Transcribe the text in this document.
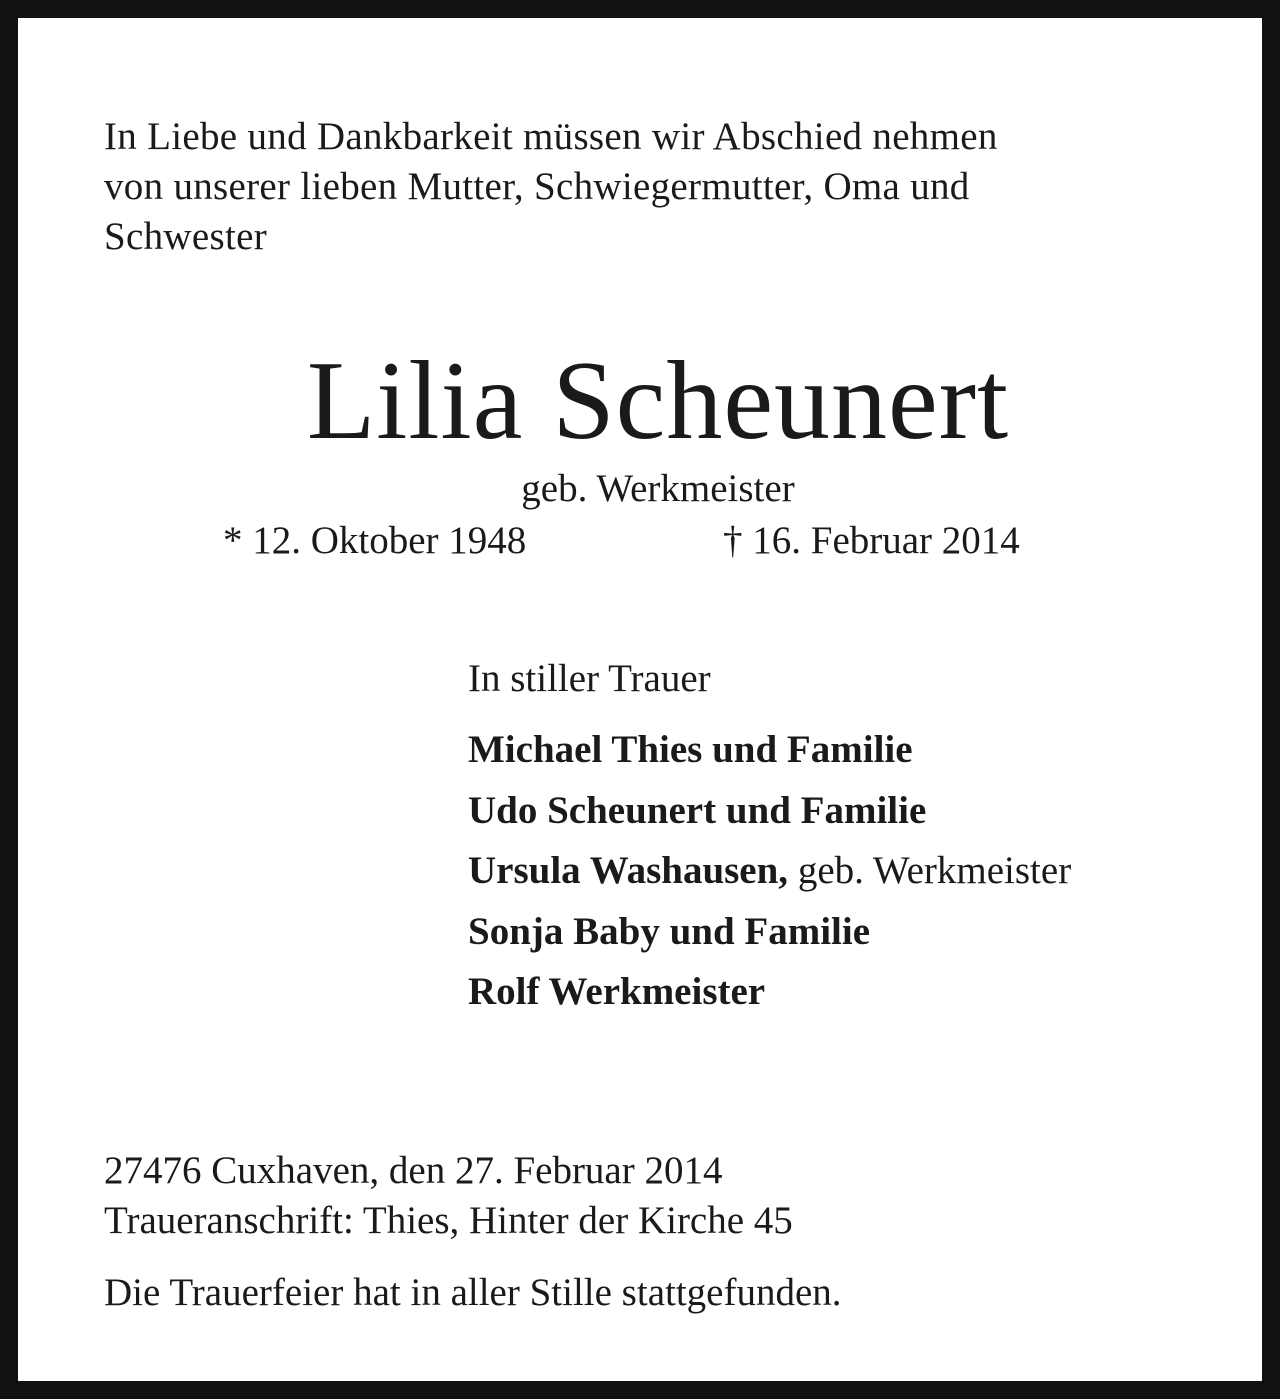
In Liebe und Dankbarkeit müssen wir Abschied nehmen
von unserer lieben Mutter, Schwiegermutter, Oma und
Schwester

Lilia Scheunert
geb. Werkmeister
* 12. Oktober 1948	† 16. Februar 2014
In stiller Trauer
Michael Thies und Familie
Udo Scheunert und Familie
Ursula Washausen, geb. Werkmeister
Sonja Baby und Familie
Rolf Werkmeister
27476 Cuxhaven, den 27. Februar 2014
Traueranschrift: Thies, Hinter der Kirche 45
Die Trauerfeier hat in aller Stille stattgefunden.
